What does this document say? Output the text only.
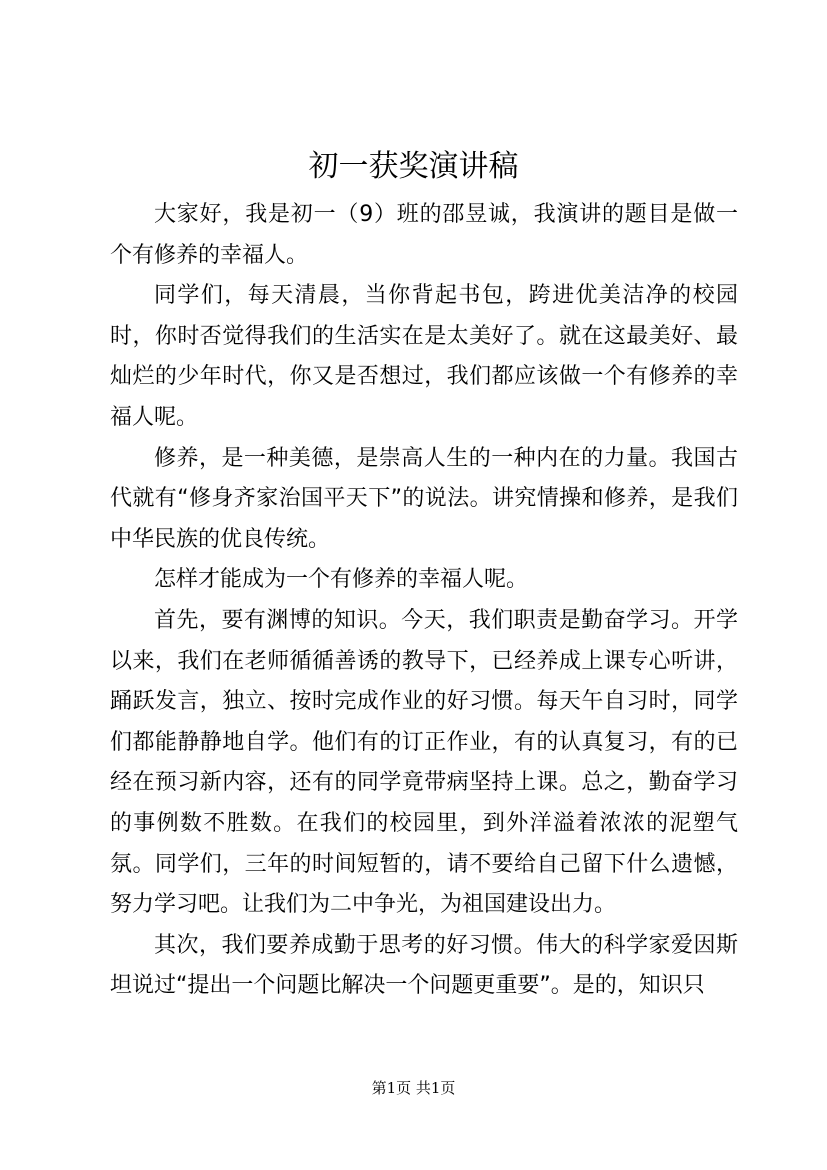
初一获奖演讲稿

大家好，我是初一（9）班的邵昱诚，我演讲的题目是做一个有修养的幸福人。

同学们，每天清晨，当你背起书包，跨进优美洁净的校园时，你时否觉得我们的生活实在是太美好了。就在这最美好、最灿烂的少年时代，你又是否想过，我们都应该做一个有修养的幸福人呢。

修养，是一种美德，是崇高人生的一种内在的力量。我国古代就有“修身齐家治国平天下”的说法。讲究情操和修养，是我们中华民族的优良传统。

怎样才能成为一个有修养的幸福人呢。

首先，要有渊博的知识。今天，我们职责是勤奋学习。开学以来，我们在老师循循善诱的教导下，已经养成上课专心听讲，踊跃发言，独立、按时完成作业的好习惯。每天午自习时，同学们都能静静地自学。他们有的订正作业，有的认真复习，有的已经在预习新内容，还有的同学竟带病坚持上课。总之，勤奋学习的事例数不胜数。在我们的校园里，到外洋溢着浓浓的泥塑气氛。同学们，三年的时间短暂的，请不要给自己留下什么遗憾，努力学习吧。让我们为二中争光，为祖国建设出力。

其次，我们要养成勤于思考的好习惯。伟大的科学家爱因斯坦说过“提出一个问题比解决一个问题更重要”。是的，知识只

第1页 共1页
